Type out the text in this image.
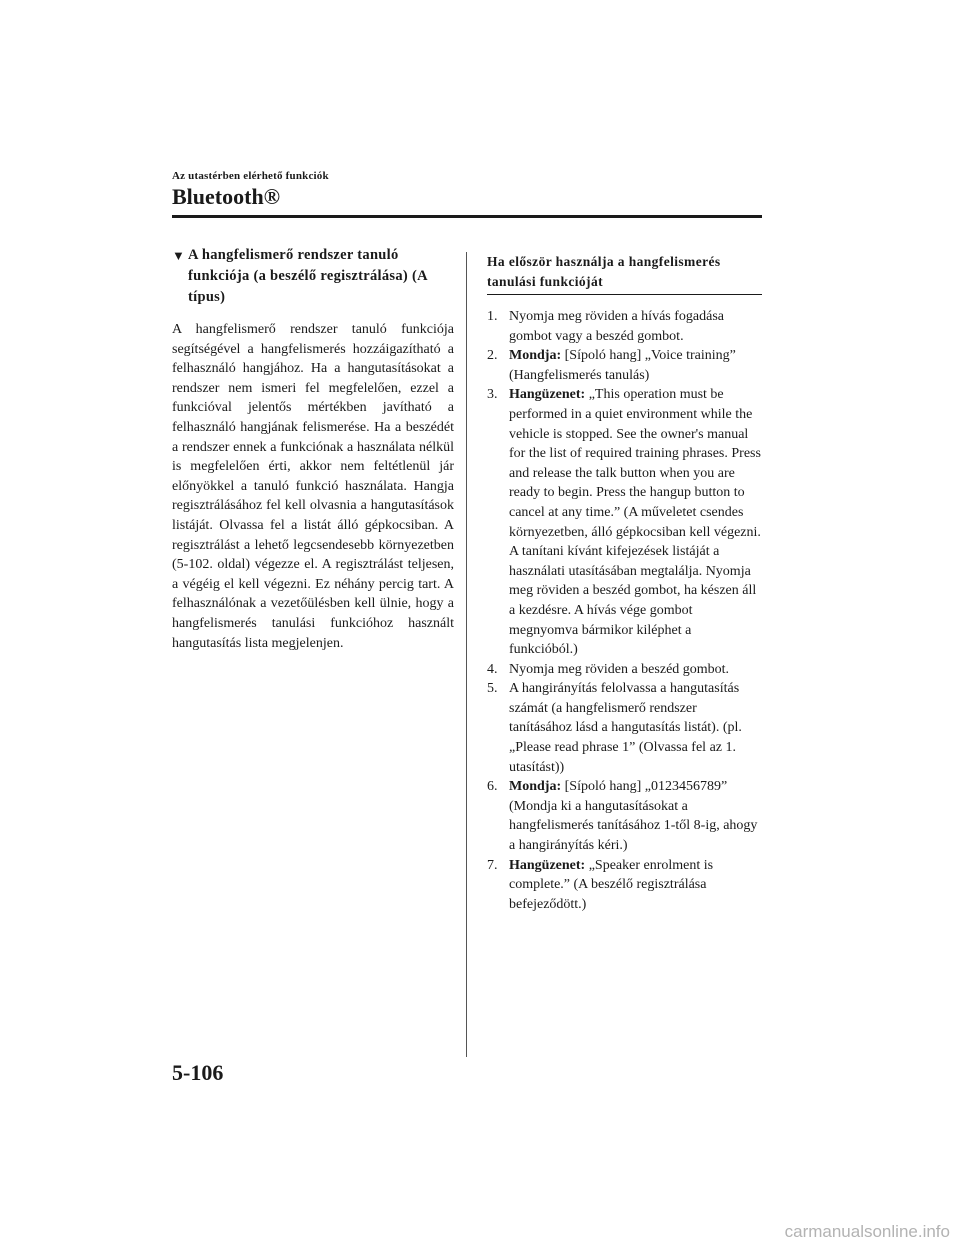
Az utastérben elérhető funkciók
Bluetooth®
▼ A hangfelismerő rendszer tanuló funkciója (a beszélő regisztrálása) (A típus)

A hangfelismerő rendszer tanuló funkciója segítségével a hangfelismerés hozzáigazítható a felhasználó hangjához. Ha a hangutasításokat a rendszer nem ismeri fel megfelelően, ezzel a funkcióval jelentős mértékben javítható a felhasználó hangjának felismerése. Ha a beszédét a rendszer ennek a funkciónak a használata nélkül is megfelelően érti, akkor nem feltétlenül jár előnyökkel a tanuló funkció használata. Hangja regisztrálásához fel kell olvasnia a hangutasítások listáját. Olvassa fel a listát álló gépkocsiban. A regisztrálást a lehető legcsendesebb környezetben (5-102. oldal) végezze el. A regisztrálást teljesen, a végéig el kell végezni. Ez néhány percig tart. A felhasználónak a vezetőülésben kell ülnie, hogy a hangfelismerés tanulási funkcióhoz használt hangutasítás lista megjelenjen.

Ha először használja a hangfelismerés tanulási funkcióját
1. Nyomja meg röviden a hívás fogadása gombot vagy a beszéd gombot.
2. Mondja: [Sípoló hang] „Voice training” (Hangfelismerés tanulás)
3. Hangüzenet: „This operation must be performed in a quiet environment while the vehicle is stopped. See the owner's manual for the list of required training phrases. Press and release the talk button when you are ready to begin. Press the hangup button to cancel at any time.” (A műveletet csendes környezetben, álló gépkocsiban kell végezni. A tanítani kívánt kifejezések listáját a használati utasításában megtalálja. Nyomja meg röviden a beszéd gombot, ha készen áll a kezdésre. A hívás vége gombot megnyomva bármikor kiléphet a funkcióból.)
4. Nyomja meg röviden a beszéd gombot.
5. A hangirányítás felolvassa a hangutasítás számát (a hangfelismerő rendszer tanításához lásd a hangutasítás listát). (pl. „Please read phrase 1” (Olvassa fel az 1. utasítást))
6. Mondja: [Sípoló hang] „0123456789” (Mondja ki a hangutasításokat a hangfelismerés tanításához 1-től 8-ig, ahogy a hangirányítás kéri.)
7. Hangüzenet: „Speaker enrolment is complete.” (A beszélő regisztrálása befejeződött.)
5-106
carmanualsonline.info
